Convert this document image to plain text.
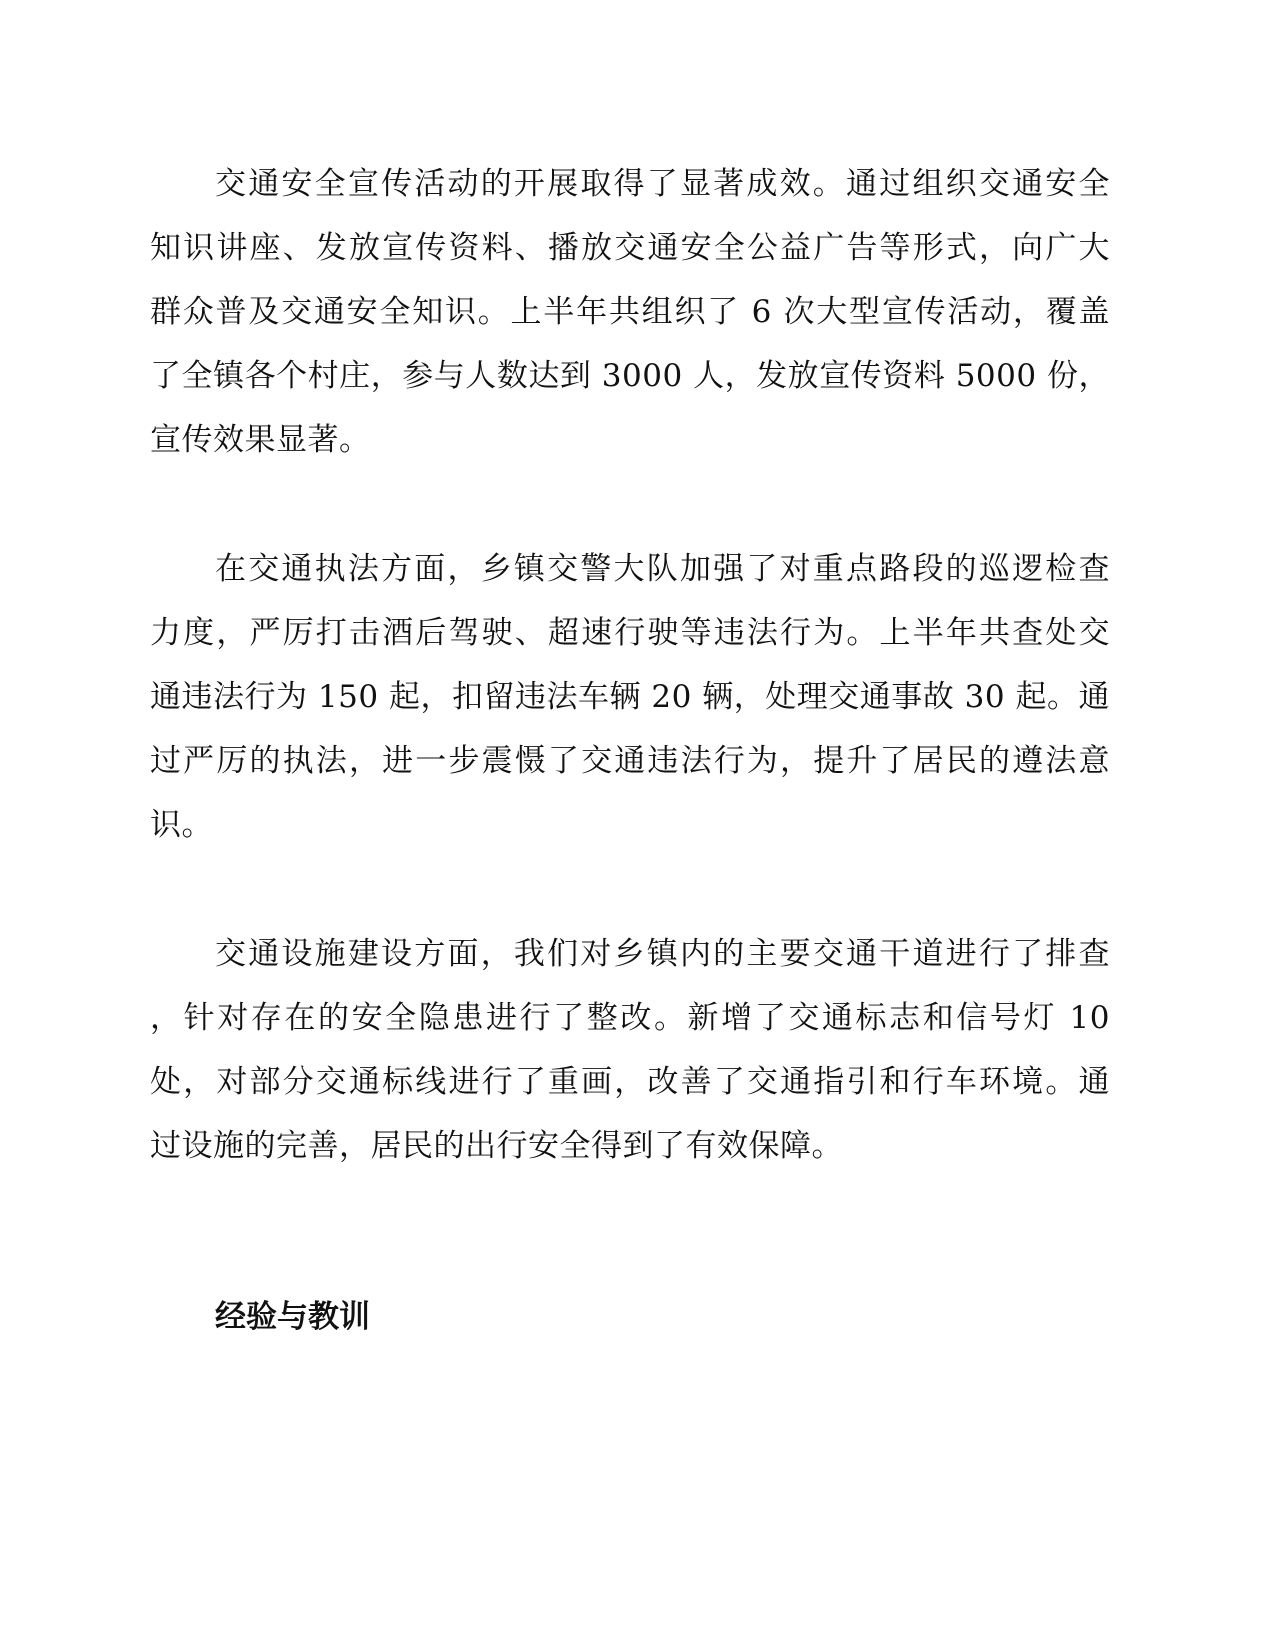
交通安全宣传活动的开展取得了显著成效。通过组织交通安全
知识讲座、发放宣传资料、播放交通安全公益广告等形式，向广大
群众普及交通安全知识。上半年共组织了 6 次大型宣传活动，覆盖
了全镇各个村庄，参与人数达到 3000 人，发放宣传资料 5000 份，
宣传效果显著。
在交通执法方面，乡镇交警大队加强了对重点路段的巡逻检查
力度，严厉打击酒后驾驶、超速行驶等违法行为。上半年共查处交
通违法行为 150 起，扣留违法车辆 20 辆，处理交通事故 30 起。通
过严厉的执法，进一步震慑了交通违法行为，提升了居民的遵法意
识。
交通设施建设方面，我们对乡镇内的主要交通干道进行了排查
，针对存在的安全隐患进行了整改。新增了交通标志和信号灯 10
处，对部分交通标线进行了重画，改善了交通指引和行车环境。通
过设施的完善，居民的出行安全得到了有效保障。
经验与教训
